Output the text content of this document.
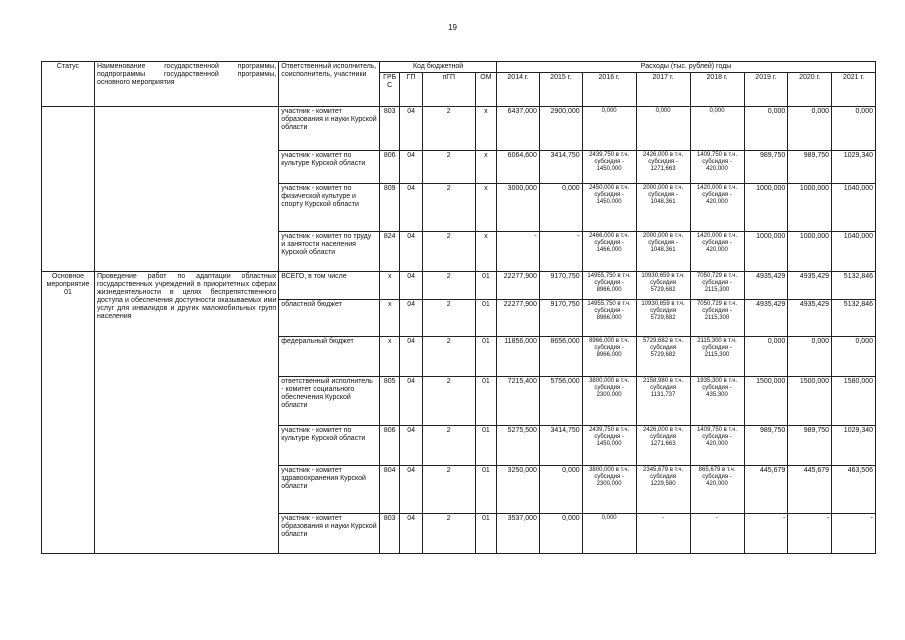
19
Статус	Наименование государственной программы, подпрограммы государственной программы, основного мероприятия	Ответственный исполнитель, соисполнитель, участники	Код бюджетной				Расходы (тыс. рублей) годы							
			ГРБ С	ГП	пГП	ОМ	2014 г.	2015 г.	2016 г.	2017 г.	2018 г.	2019 г.	2020 г.	2021 г.
		участник - комитет образования и науки Курской области	803	04	2	х	6437,000	2900,000	0,000	0,000	0,000	0,000	0,000	0,000
		участник - комитет по культуре Курской области	806	04	2	х	6064,600	3414,750	2439,750 в т.ч. субсидия - 1450,000	2426,000 в т.ч. субсидия - 1271,663	1409,750 в т.ч. субсидия - 420,000	989,750	989,750	1029,340
		участник - комитет по физической культуре и спорту Курской области	809	04	2	х	3000,000	0,000	2450,000 в т.ч. субсидия - 1450,000	2000,000 в т.ч. субсидия - 1048,361	1420,000 в т.ч. субсидия - 420,000	1000,000	1000,000	1040,000
		участник - комитет по труду и занятости населения Курской области	824	04	2	х	-	-	2466,000 в т.ч. субсидия - 1466,000	2000,000 в т.ч. субсидия - 1048,361	1420,000 в т.ч. субсидия - 420,000	1000,000	1000,000	1040,000
Основное мероприятие 01	Проведение работ по адаптации областных государственных учреждений в приоритетных сферах жизнедеятельности в целях беспрепятственного доступа и обеспечения доступности оказываемых ими услуг для инвалидов и других маломобильных групп населения	ВСЕГО, в том числе	х	04	2	01	22277,900	9170,750	14955,750 в т.ч. субсидия - 8966,000	10930,659 в т.ч. субсидия 5729,682	7050,729 в т.ч. субсидия - 2115,300	4935,429	4935,429	5132,846
		областной бюджет	х	04	2	01	22277,900	9170,750	14955,750 в т.ч. субсидия - 8966,000	10930,659 в т.ч. субсидия 5729,682	7050,729 в т.ч. субсидия - 2115,300	4935,429	4935,429	5132,846
		федеральный бюджет	х	04	2	01	11856,000	8656,000	8966,000 в т.ч. субсидия - 8966,000	5729,682 в т.ч. субсидия 5729,682	2115,300 в т.ч. субсидия - 2115,300	0,000	0,000	0,000
		ответственный исполнитель - комитет социального обеспечения Курской области	805	04	2	01	7215,400	5756,000	3800,000 в т.ч. субсидия - 2300,000	2158,980 в т.ч. субсидия 1131,737	1935,300 в т.ч. субсидия - 435,300	1500,000	1500,000	1580,000
		участник - комитет по культуре Курской области	806	04	2	01	5275,500	3414,750	2439,750 в т.ч. субсидия - 1450,000	2426,000 в т.ч. субсидия 1271,663	1409,750 в т.ч. субсидия - 420,000	989,750	989,750	1029,340
		участник - комитет здравоохранения Курской области	804	04	2	01	3250,000	0,000	3800,000 в т.ч. субсидия - 2300,000	2345,679 в т.ч. субсидия 1229,580	865,679 в т.ч. субсидия - 420,000	445,679	445,679	463,506
		участник - комитет образования и науки Курской области	803	04	2	01	3537,000	0,000	0,000	-	-	-	-	-
